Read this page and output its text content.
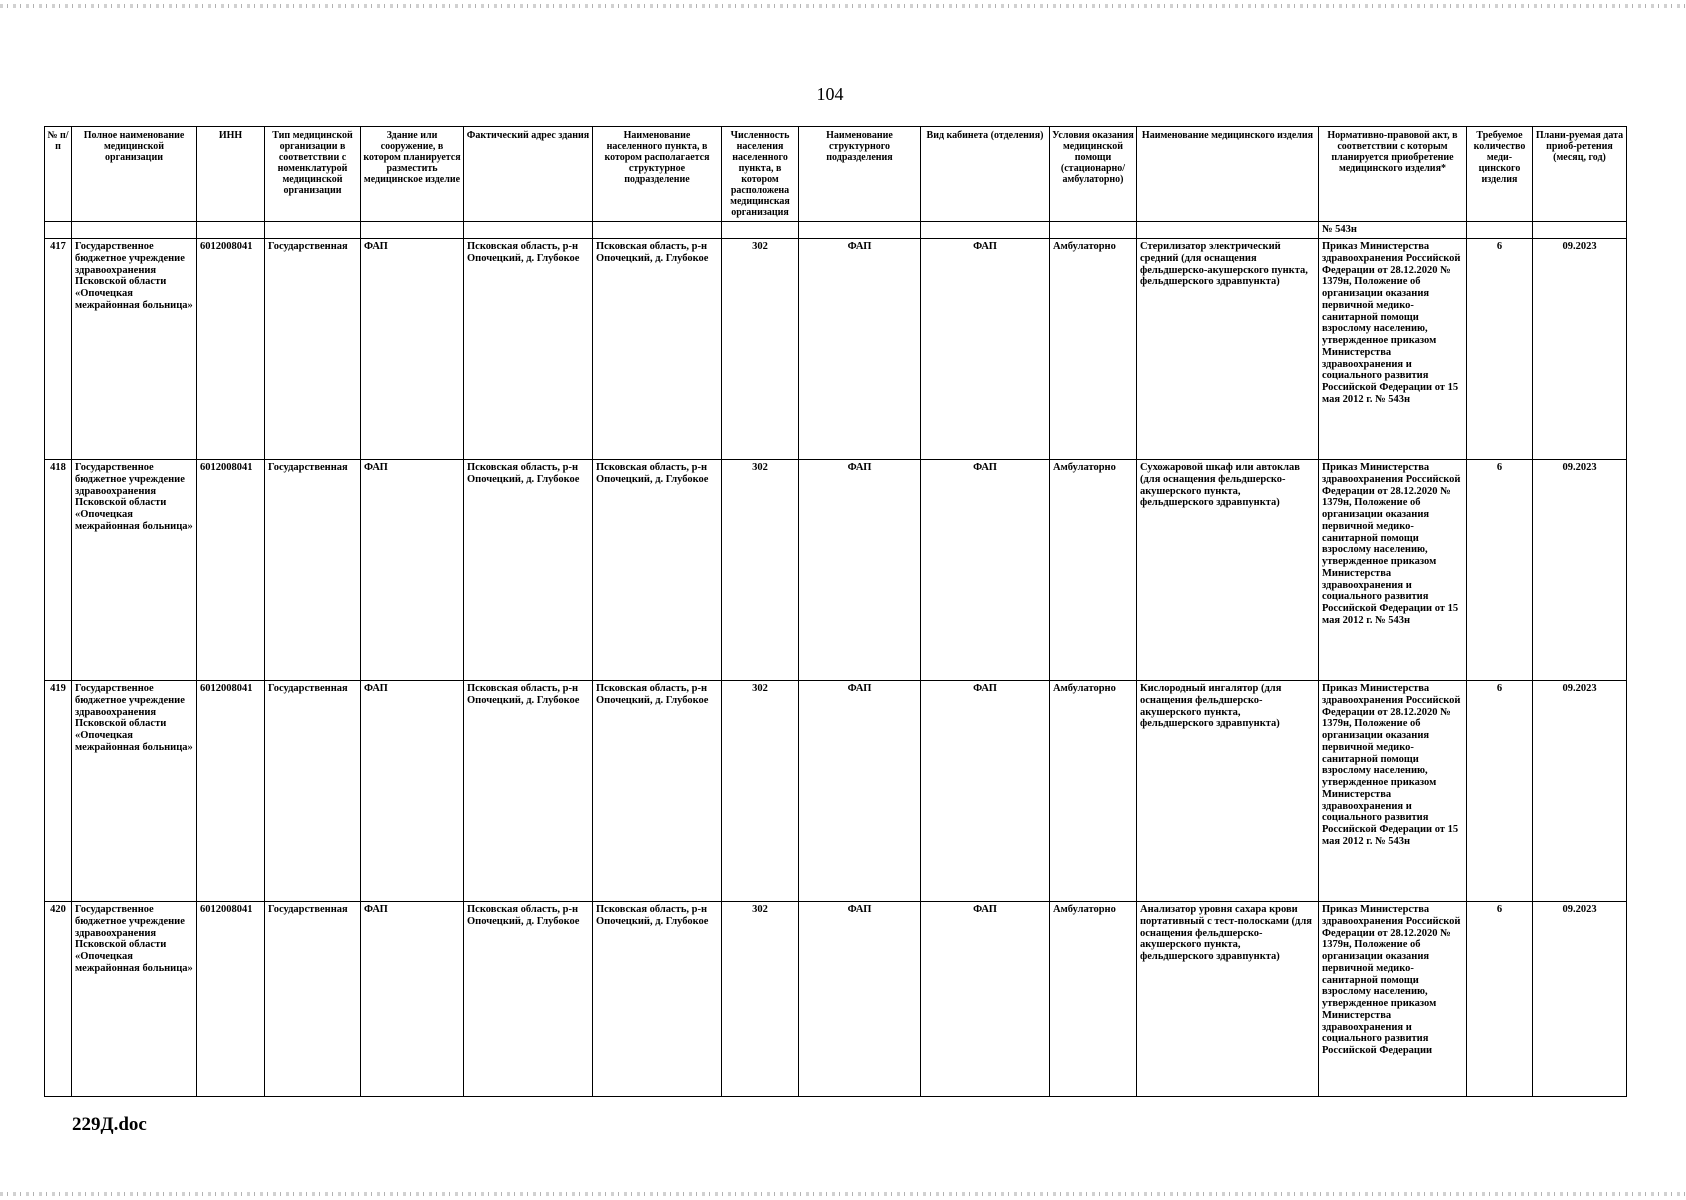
104
№ п/п	Полное наименование медицинской организации	ИНН	Тип медицинской организации в соответствии с номенклатурой медицинской организации	Здание или сооружение, в котором планируется разместить медицинское изделие	Фактический адрес здания	Наименование населенного пункта, в котором располагается структурное подразделение	Численность населения населенного пункта, в котором расположена медицинская организация	Наименование структурного подразделения	Вид кабинета (отделения)	Условия оказания медицинской помощи (стационарно/ амбулаторно)	Наименование медицинского изделия	Нормативно-правовой акт, в соответствии с которым планируется приобретение медицинского изделия*	Требуемое количество меди-цинского изделия	Плани-руемая дата приоб-ретения (месяц, год)
												№ 543н		
417	Государственное бюджетное учреждение здравоохранения Псковской области «Опочецкая межрайонная больница»	6012008041	Государственная	ФАП	Псковская область, р-н Опочецкий, д. Глубокое	Псковская область, р-н Опочецкий, д. Глубокое	302	ФАП	ФАП	Амбулаторно	Стерилизатор электрический средний (для оснащения фельдшерско-акушерского пункта, фельдшерского здравпункта)	Приказ Министерства здравоохранения Российской Федерации от 28.12.2020 № 1379н, Положение об организации оказания первичной медико-санитарной помощи взрослому населению, утвержденное приказом Министерства здравоохранения и социального развития Российской Федерации от 15 мая 2012 г. № 543н	6	09.2023
418	Государственное бюджетное учреждение здравоохранения Псковской области «Опочецкая межрайонная больница»	6012008041	Государственная	ФАП	Псковская область, р-н Опочецкий, д. Глубокое	Псковская область, р-н Опочецкий, д. Глубокое	302	ФАП	ФАП	Амбулаторно	Сухожаровой шкаф или автоклав (для оснащения фельдшерско-акушерского пункта, фельдшерского здравпункта)	Приказ Министерства здравоохранения Российской Федерации от 28.12.2020 № 1379н, Положение об организации оказания первичной медико-санитарной помощи взрослому населению, утвержденное приказом Министерства здравоохранения и социального развития Российской Федерации от 15 мая 2012 г. № 543н	6	09.2023
419	Государственное бюджетное учреждение здравоохранения Псковской области «Опочецкая межрайонная больница»	6012008041	Государственная	ФАП	Псковская область, р-н Опочецкий, д. Глубокое	Псковская область, р-н Опочецкий, д. Глубокое	302	ФАП	ФАП	Амбулаторно	Кислородный ингалятор (для оснащения фельдшерско-акушерского пункта, фельдшерского здравпункта)	Приказ Министерства здравоохранения Российской Федерации от 28.12.2020 № 1379н, Положение об организации оказания первичной медико-санитарной помощи взрослому населению, утвержденное приказом Министерства здравоохранения и социального развития Российской Федерации от 15 мая 2012 г. № 543н	6	09.2023
420	Государственное бюджетное учреждение здравоохранения Псковской области «Опочецкая межрайонная больница»	6012008041	Государственная	ФАП	Псковская область, р-н Опочецкий, д. Глубокое	Псковская область, р-н Опочецкий, д. Глубокое	302	ФАП	ФАП	Амбулаторно	Анализатор уровня сахара крови портативный с тест-полосками (для оснащения фельдшерско-акушерского пункта, фельдшерского здравпункта)	Приказ Министерства здравоохранения Российской Федерации от 28.12.2020 № 1379н, Положение об организации оказания первичной медико-санитарной помощи взрослому населению, утвержденное приказом Министерства здравоохранения и социального развития Российской Федерации	6	09.2023
229Д.doc
